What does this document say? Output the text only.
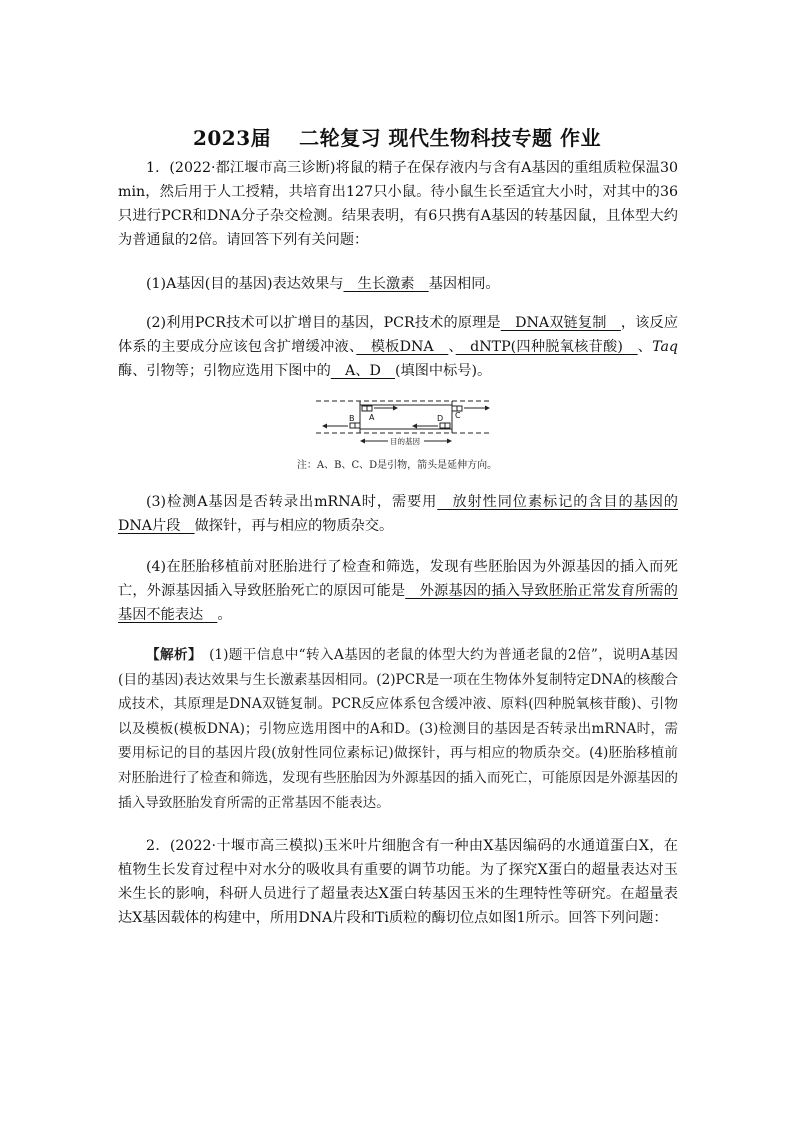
2023届　 二轮复习 现代生物科技专题 作业

1．(2022·都江堰市高三诊断)将鼠的精子在保存液内与含有A基因的重组质粒保温30 min，然后用于人工授精，共培育出127只小鼠。待小鼠生长至适宜大小时，对其中的36只进行PCR和DNA分子杂交检测。结果表明，有6只携有A基因的转基因鼠，且体型大约为普通鼠的2倍。请回答下列有关问题：

(1)A基因(目的基因)表达效果与　生长激素　基因相同。

(2)利用PCR技术可以扩增目的基因，PCR技术的原理是　DNA双链复制　，该反应体系的主要成分应该包含扩增缓冲液、　模板DNA　、　dNTP(四种脱氧核苷酸)　、Taq酶、引物等；引物应选用下图中的　A、D　(填图中标号)。

A
B	C
D
目的基因
注：A、B、C、D是引物，箭头是延伸方向。

(3)检测A基因是否转录出mRNA时，需要用　放射性同位素标记的含目的基因的DNA片段　做探针，再与相应的物质杂交。

(4)在胚胎移植前对胚胎进行了检查和筛选，发现有些胚胎因为外源基因的插入而死亡，外源基因插入导致胚胎死亡的原因可能是　外源基因的插入导致胚胎正常发育所需的基因不能表达　。

【解析】　(1)题干信息中“转入A基因的老鼠的体型大约为普通老鼠的2倍”，说明A基因(目的基因)表达效果与生长激素基因相同。(2)PCR是一项在生物体外复制特定DNA的核酸合成技术，其原理是DNA双链复制。PCR反应体系包含缓冲液、原料(四种脱氧核苷酸)、引物以及模板(模板DNA)；引物应选用图中的A和D。(3)检测目的基因是否转录出mRNA时，需要用标记的目的基因片段(放射性同位素标记)做探针，再与相应的物质杂交。(4)胚胎移植前对胚胎进行了检查和筛选，发现有些胚胎因为外源基因的插入而死亡，可能原因是外源基因的插入导致胚胎发育所需的正常基因不能表达。

2．(2022·十堰市高三模拟)玉米叶片细胞含有一种由X基因编码的水通道蛋白X，在植物生长发育过程中对水分的吸收具有重要的调节功能。为了探究X蛋白的超量表达对玉米生长的影响，科研人员进行了超量表达X蛋白转基因玉米的生理特性等研究。在超量表达X基因载体的构建中，所用DNA片段和Ti质粒的酶切位点如图1所示。回答下列问题：
